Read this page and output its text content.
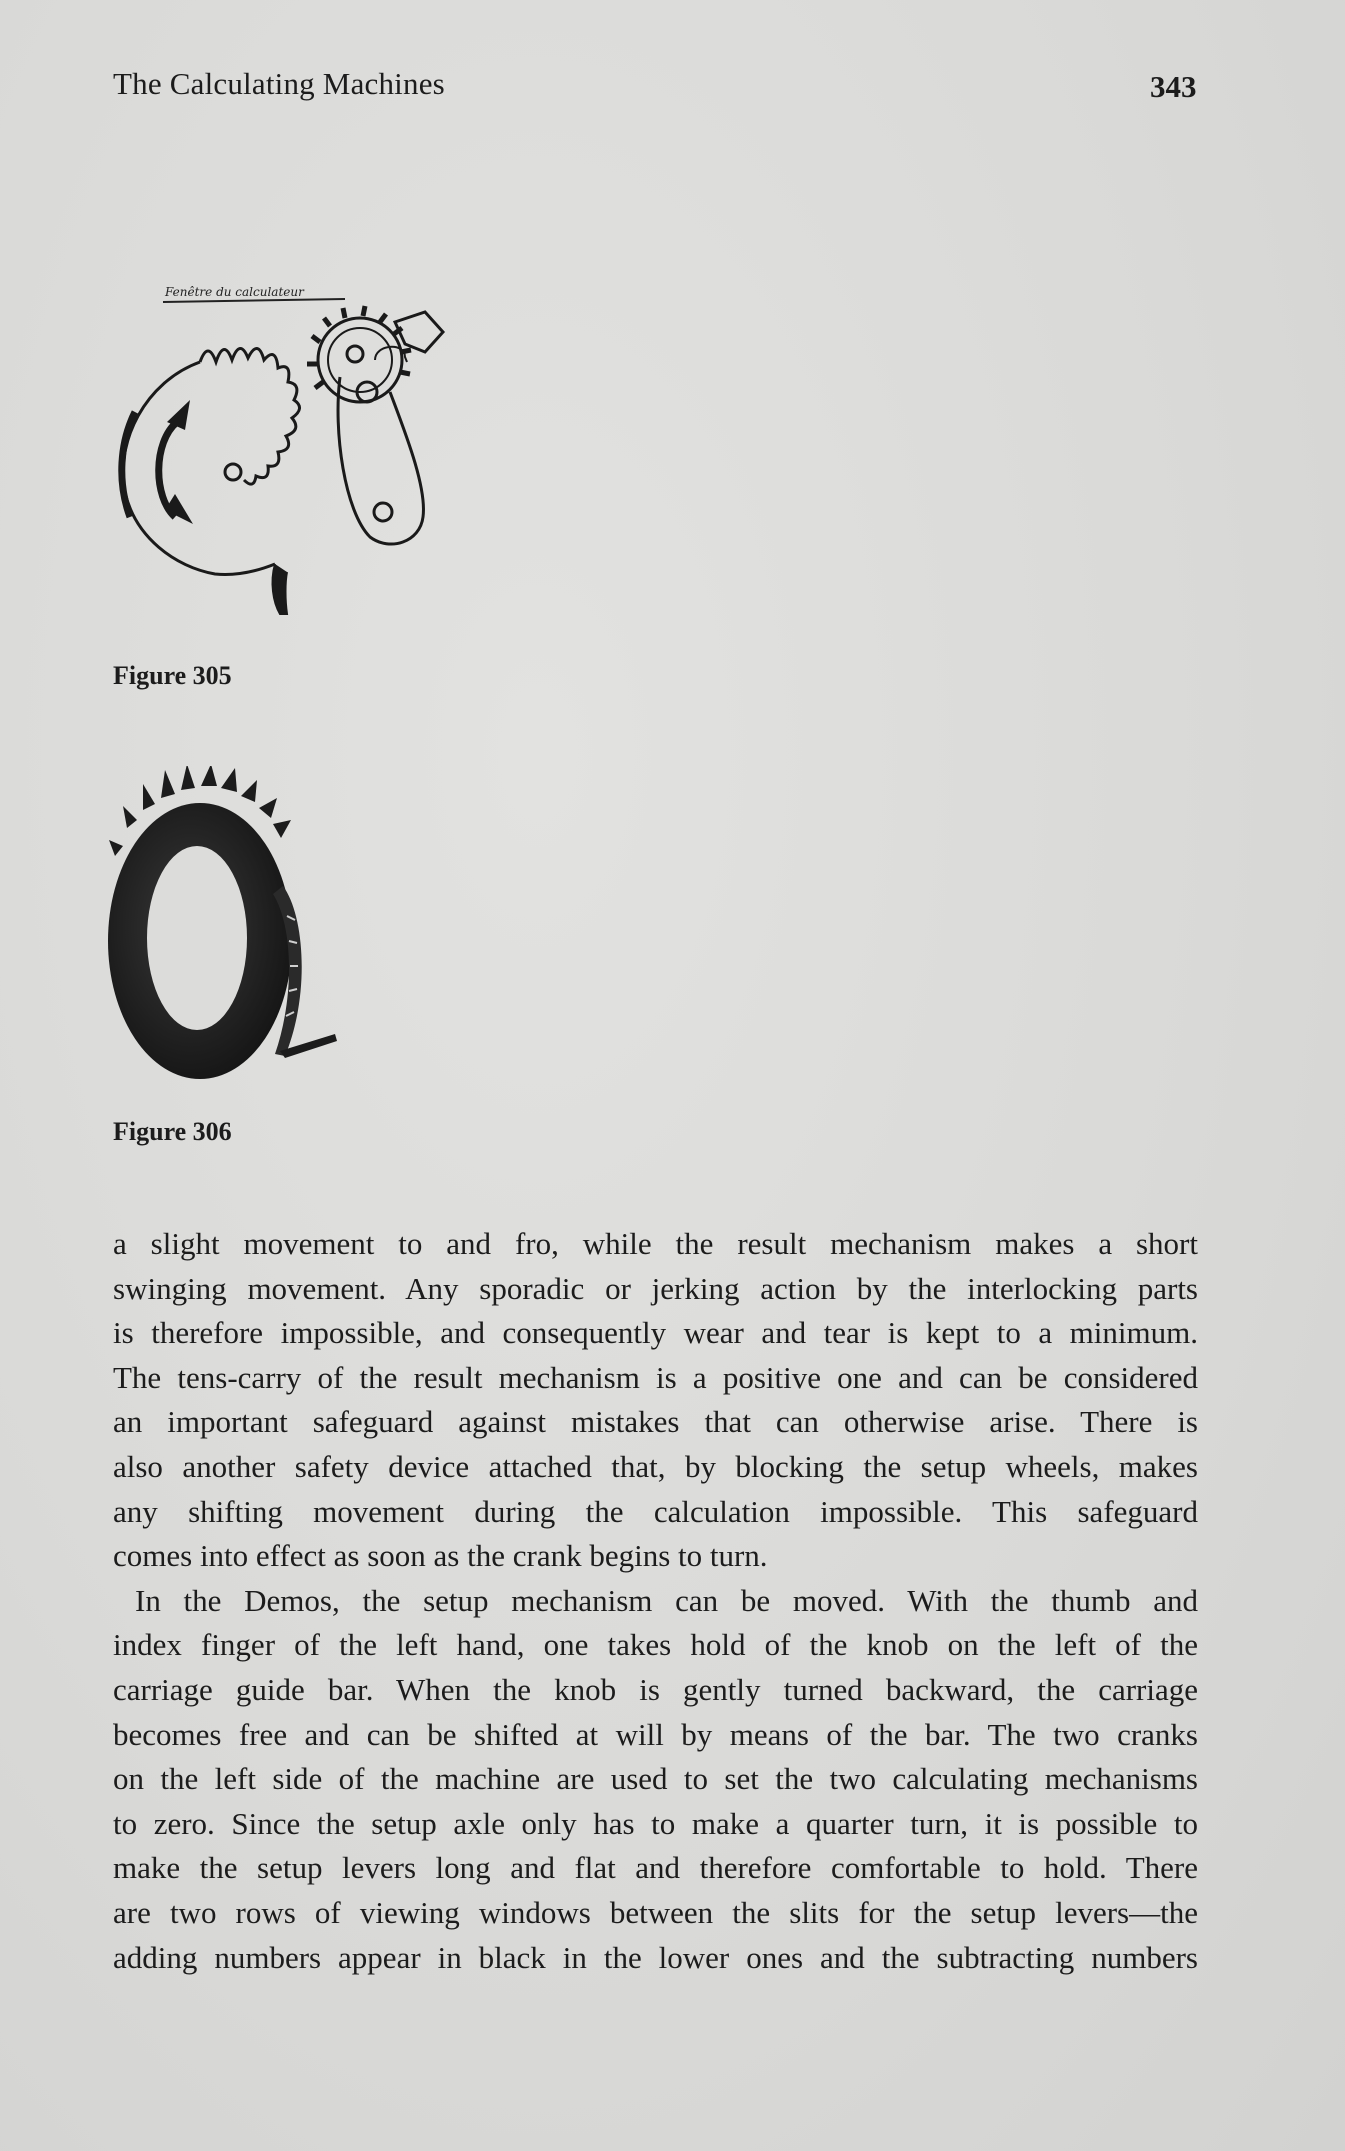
The Calculating Machines	343
Fenêtre du calculateur
Figure 305
Figure 306

a slight movement to and fro, while the result mechanism makes a short

swinging movement. Any sporadic or jerking action by the interlocking parts

is therefore impossible, and consequently wear and tear is kept to a minimum.

The tens-carry of the result mechanism is a positive one and can be considered

an important safeguard against mistakes that can otherwise arise. There is

also another safety device attached that, by blocking the setup wheels, makes

any shifting movement during the calculation impossible. This safeguard

comes into effect as soon as the crank begins to turn.

In the Demos, the setup mechanism can be moved. With the thumb and

index finger of the left hand, one takes hold of the knob on the left of the

carriage guide bar. When the knob is gently turned backward, the carriage

becomes free and can be shifted at will by means of the bar. The two cranks

on the left side of the machine are used to set the two calculating mechanisms

to zero. Since the setup axle only has to make a quarter turn, it is possible to

make the setup levers long and flat and therefore comfortable to hold. There

are two rows of viewing windows between the slits for the setup levers—the

adding numbers appear in black in the lower ones and the subtracting numbers
